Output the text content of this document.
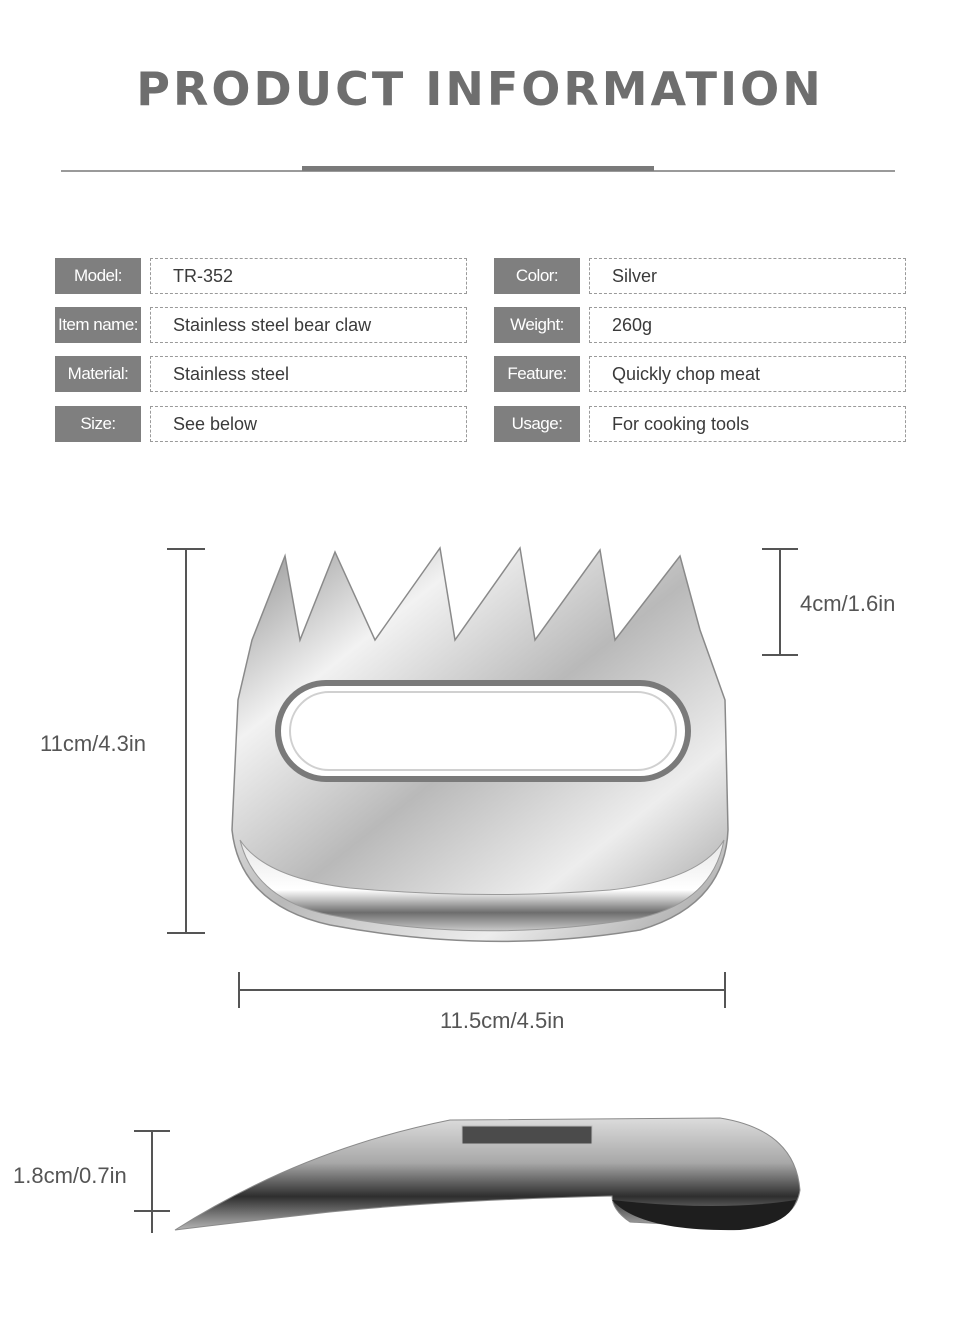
PRODUCT INFORMATION
Model:	TR-352
Item name:	Stainless steel bear claw
Material:	Stainless steel
Size:	See below
Color:	Silver
Weight:	260g
Feature:	Quickly chop meat
Usage:	For cooking tools
11cm/4.3in
4cm/1.6in
11.5cm/4.5in
1.8cm/0.7in
